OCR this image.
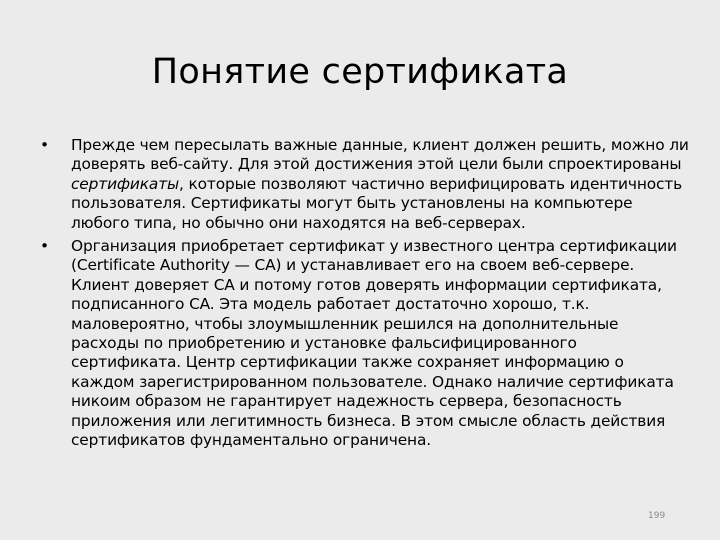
Понятие сертификата
•	Прежде чем пересылать важные данные, клиент должен решить, можно ли доверять веб-сайту. Для этой достижения этой цели были спроектированы сертификаты, которые позволяют частично верифицировать идентичность пользователя. Сертификаты могут быть установлены на компьютере любого типа, но обычно они находятся на веб-серверах.
•	Организация приобретает сертификат у известного центра сертификации (Certificate Authority — CA) и устанавливает его на своем веб-сервере. Клиент доверяет CA и потому готов доверять информации сертификата, подписанного CA. Эта модель работает достаточно хорошо, т.к. маловероятно, чтобы злоумышленник решился на дополнительные расходы по приобретению и установке фальсифицированного сертификата. Центр сертификации также сохраняет информацию о каждом зарегистрированном пользователе. Однако наличие сертификата никоим образом не гарантирует надежность сервера, безопасность приложения или легитимность бизнеса. В этом смысле область действия сертификатов фундаментально ограничена.
199
